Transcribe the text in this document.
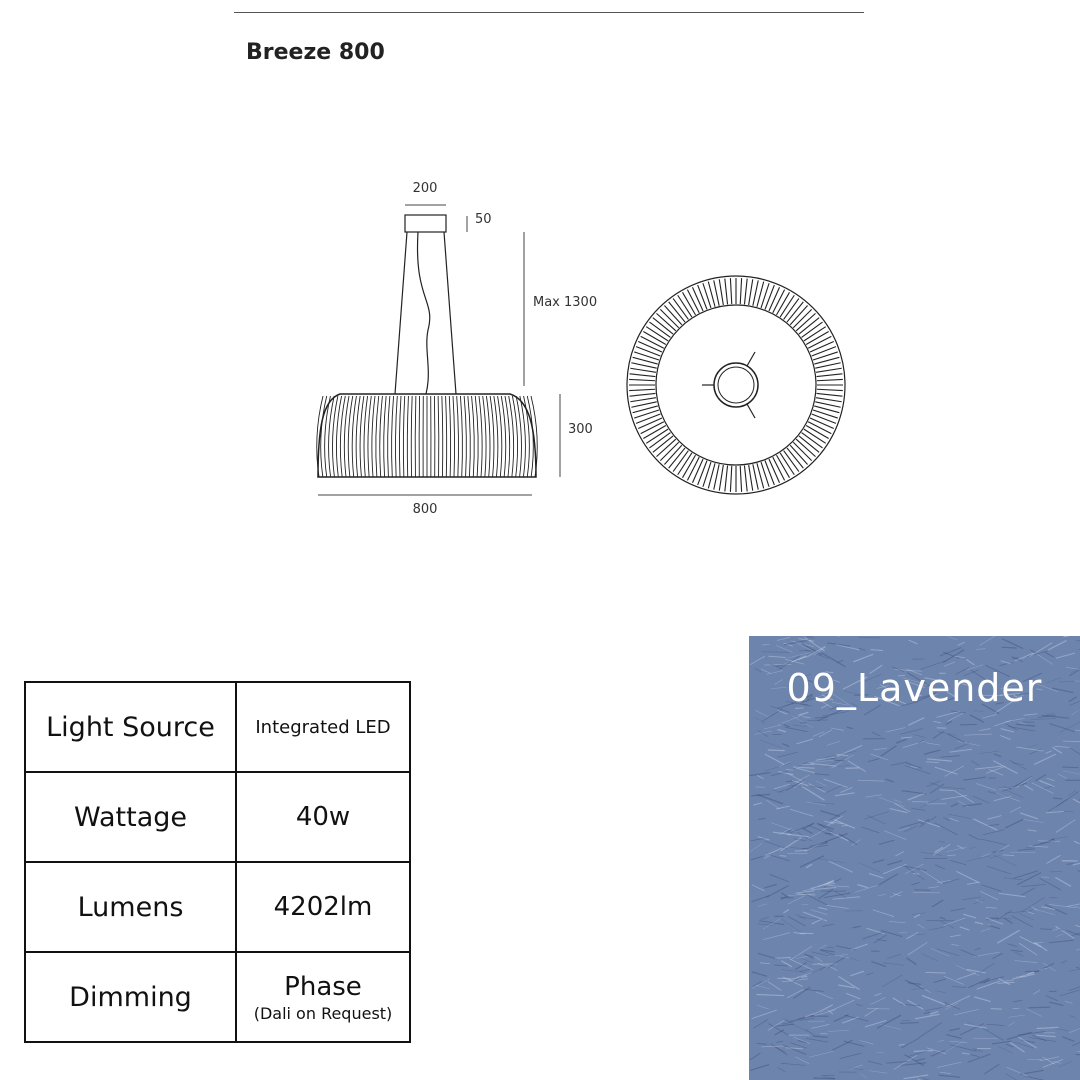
Breeze 800
200
50
Max 1300
300
800
Light Source	Integrated LED
Wattage	40w
Lumens	4202lm
Dimming	Phase
(Dali on Request)
09_Lavender
